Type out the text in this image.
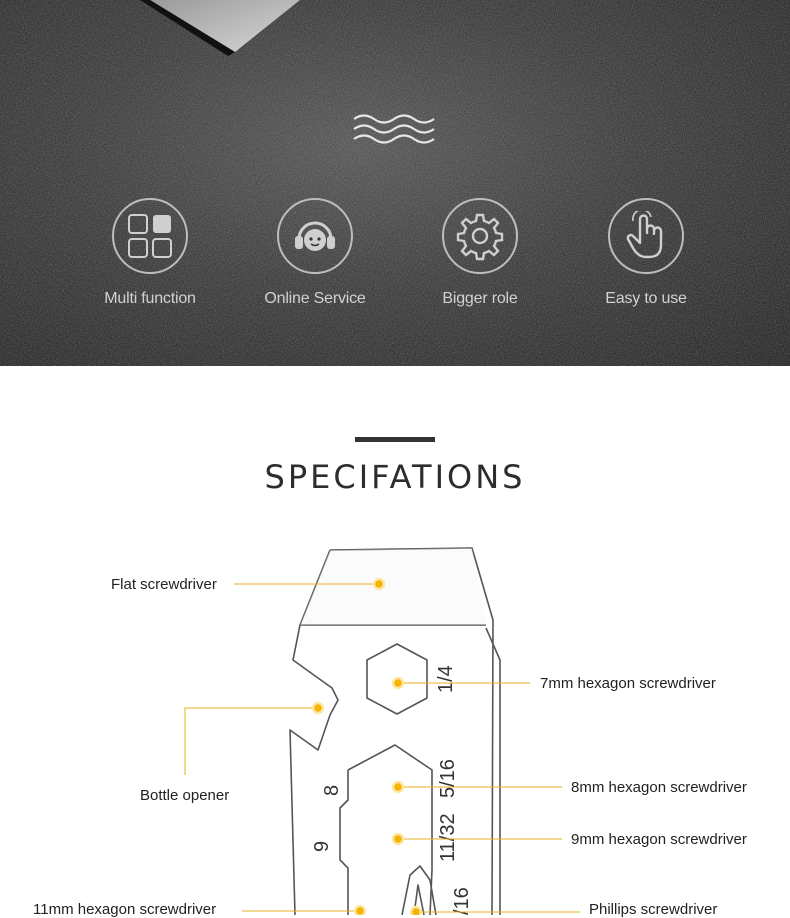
Multi function	Online Service	Bigger role	Easy to use
SPECIFATIONS
1/4
5/16
11/32
/16
8
9
Flat screwdriver
7mm hexagon screwdriver
Bottle opener	8mm hexagon screwdriver
9mm hexagon screwdriver
11mm hexagon screwdriver	Phillips screwdriver
